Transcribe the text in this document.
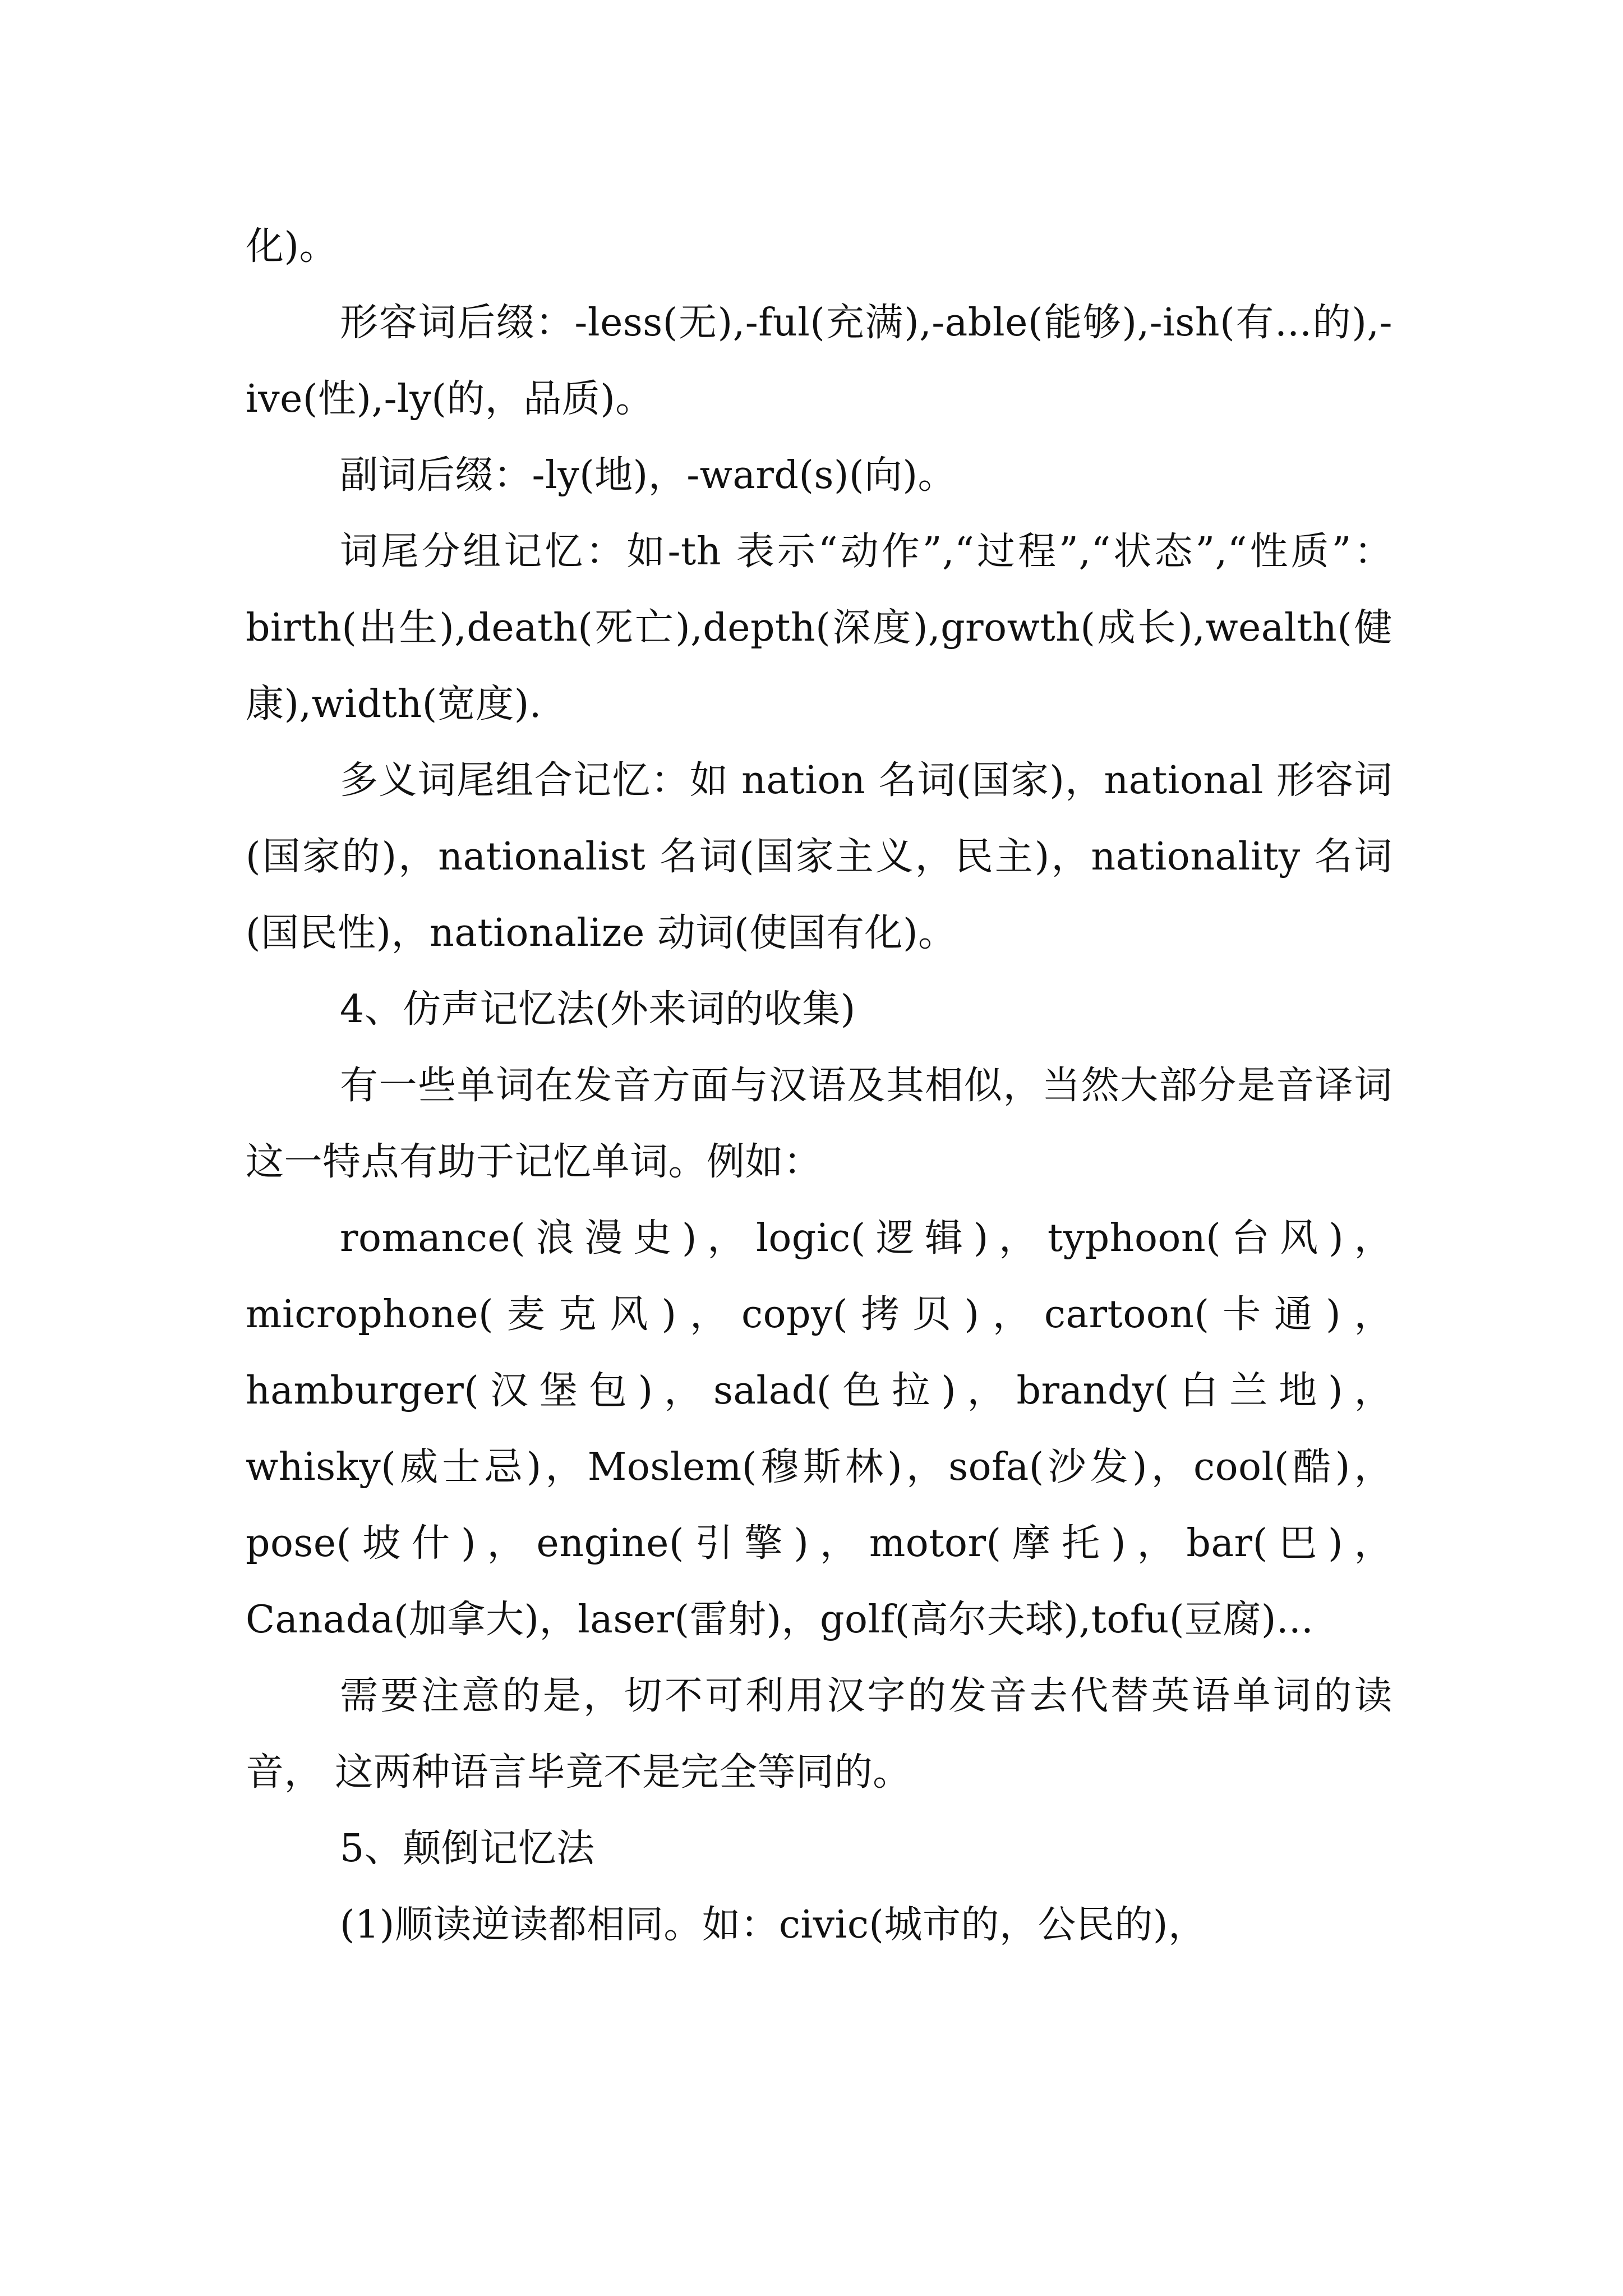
化)。

形容词后缀：-less(无),-ful(充满),-able(能够),-ish(有...的),-ive(性),-ly(的，品质)。

副词后缀：-ly(地)，-ward(s)(向)。

词尾分组记忆：如-th 表示“动作”,“过程”,“状态”,“性质”：birth(出生),death(死亡),depth(深度),growth(成长),wealth(健康),width(宽度).

多义词尾组合记忆：如 nation 名词(国家)，national 形容词(国家的)，nationalist 名词(国家主义，民主)，nationality 名词(国民性)，nationalize 动词(使国有化)。

4、仿声记忆法(外来词的收集)

有一些单词在发音方面与汉语及其相似，当然大部分是音译词这一特点有助于记忆单词。例如：

romance(浪漫史)，logic(逻辑)，typhoon(台风)，microphone(麦克风)，copy(拷贝)，cartoon(卡通)，hamburger(汉堡包)，salad(色拉)，brandy(白兰地)，whisky(威士忌)，Moslem(穆斯林)，sofa(沙发)，cool(酷)，pose(坡什)，engine(引擎)，motor(摩托)，bar(巴)，Canada(加拿大)，laser(雷射)，golf(高尔夫球),tofu(豆腐)...

需要注意的是，切不可利用汉字的发音去代替英语单词的读音， 这两种语言毕竟不是完全等同的。

5、颠倒记忆法

(1)顺读逆读都相同。如：civic(城市的，公民的)，
